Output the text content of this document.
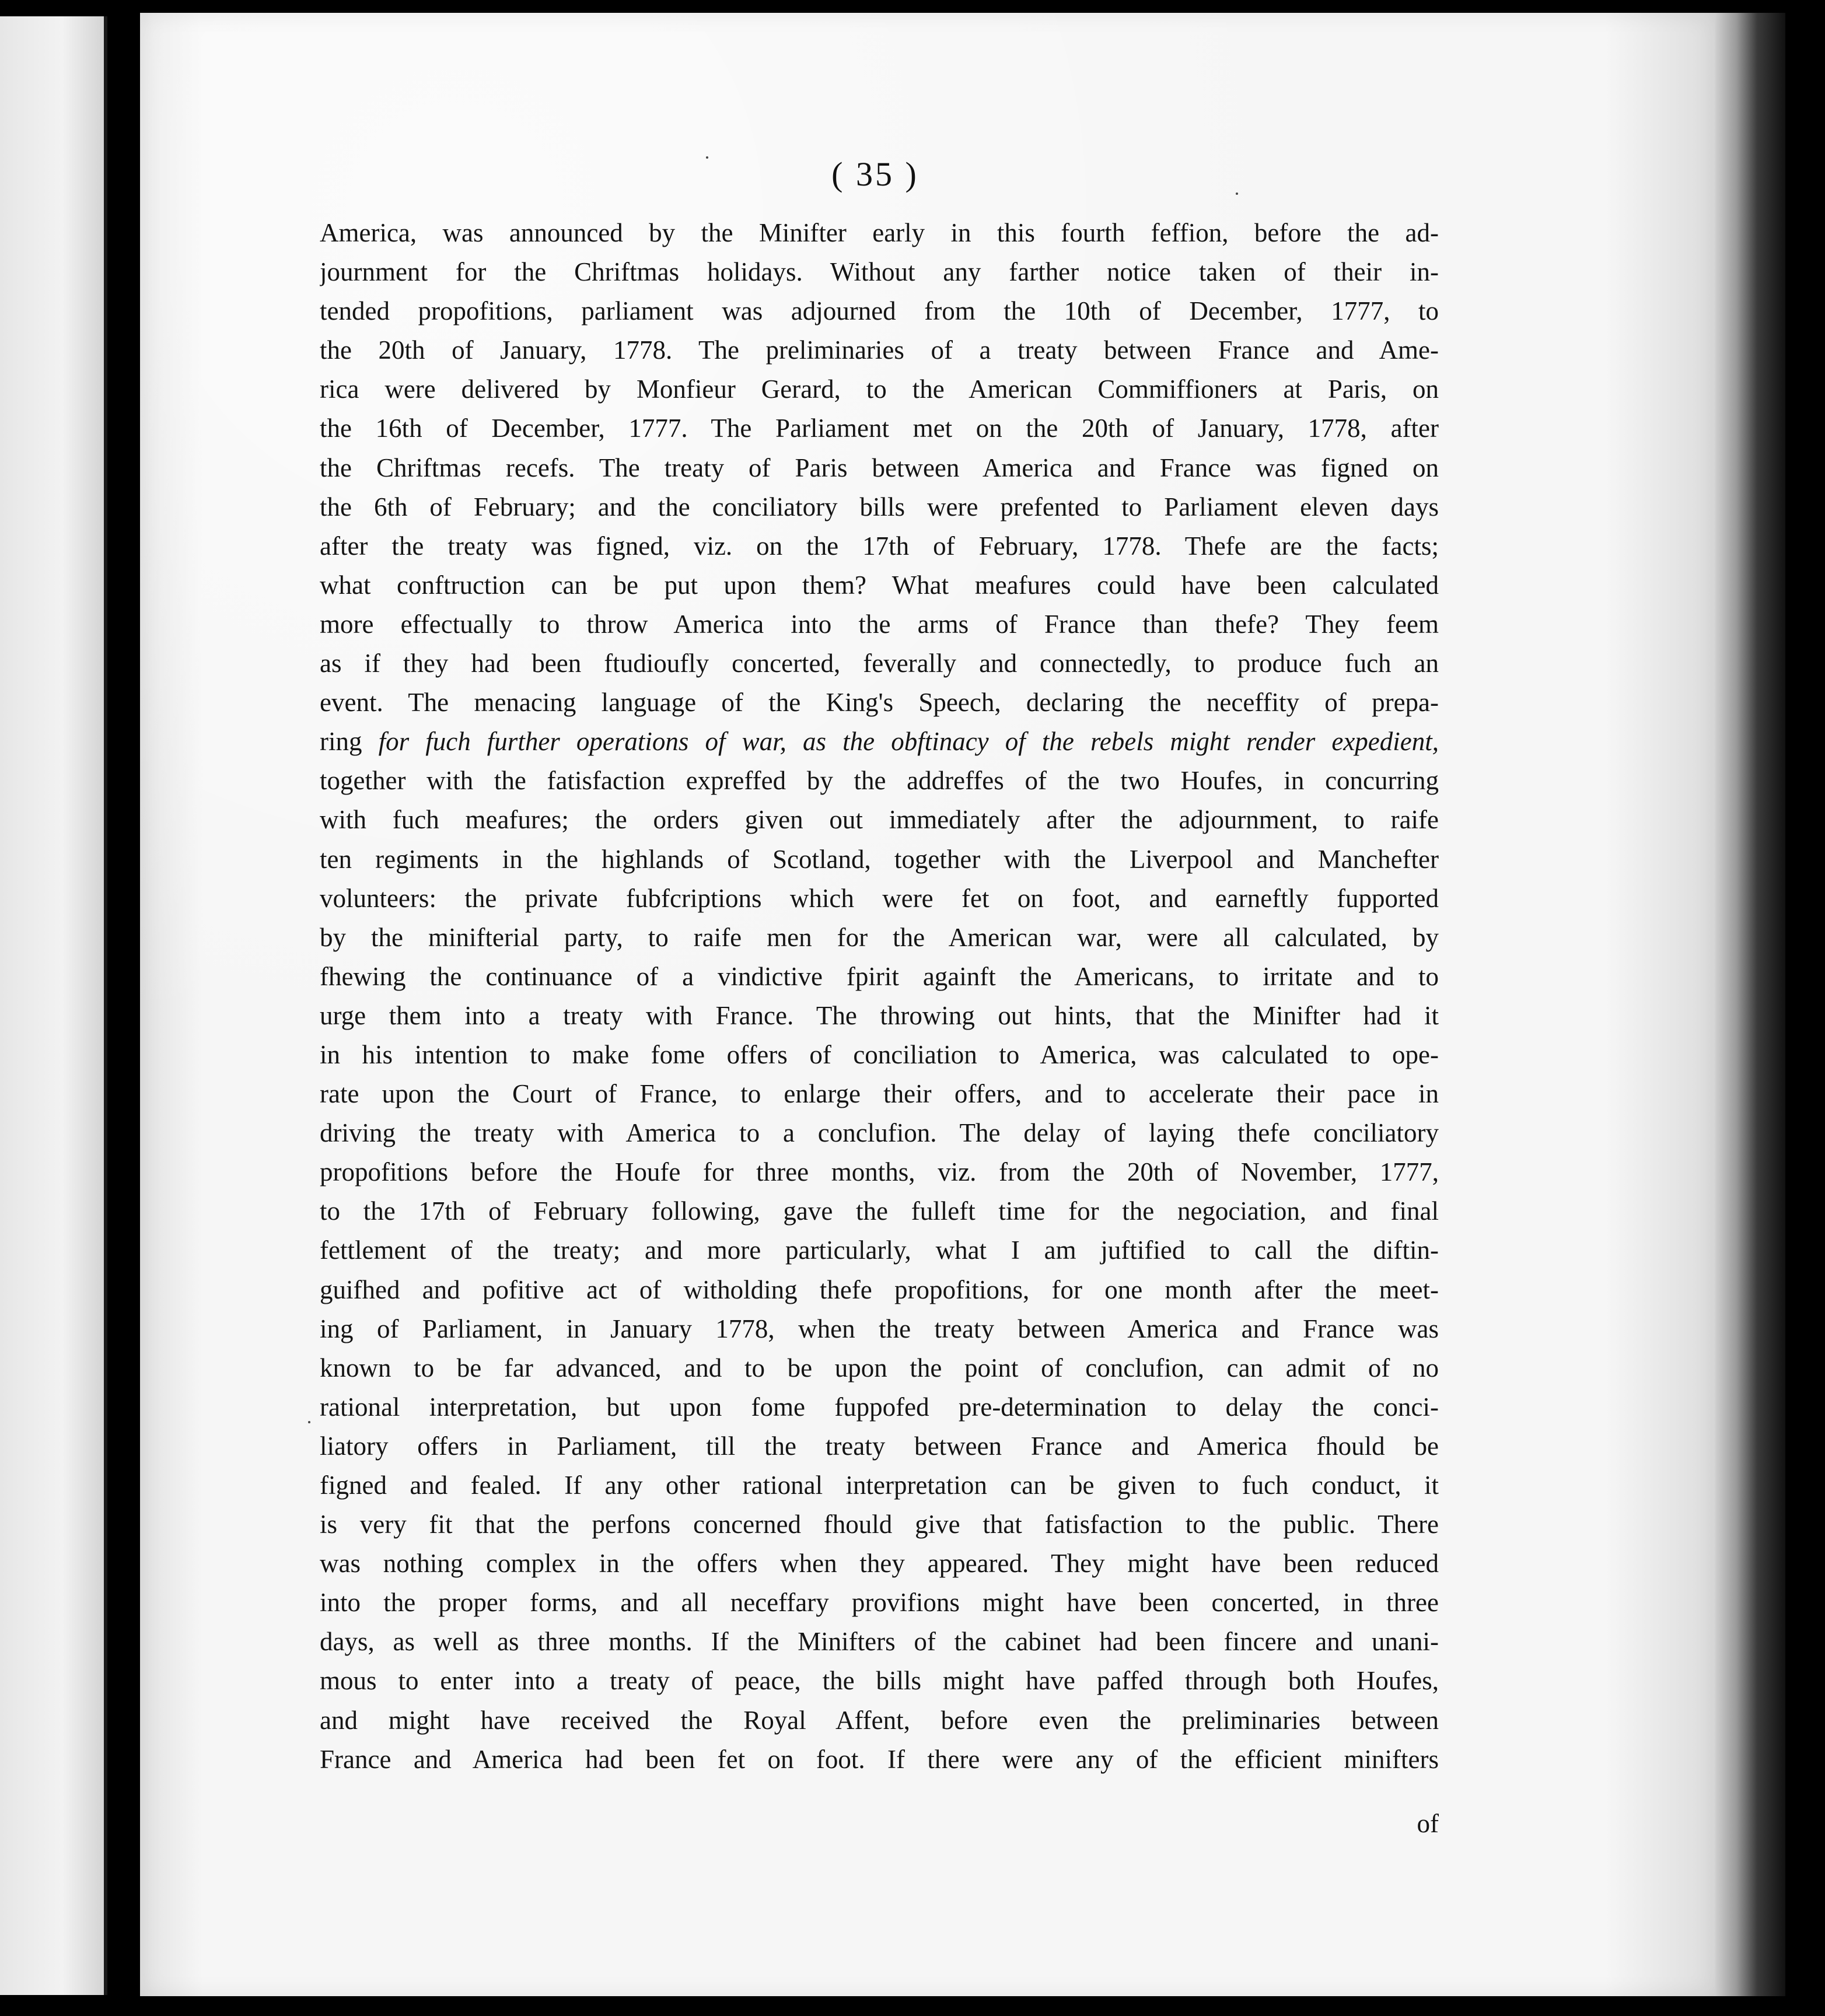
( 35 )
America, was announced by the Minifter early in this fourth feffion, before the ad-
journment for the Chriftmas holidays. Without any farther notice taken of their in-
tended propofitions, parliament was adjourned from the 10th of December, 1777, to
the 20th of January, 1778. The preliminaries of a treaty between France and Ame-
rica were delivered by Monfieur Gerard, to the American Commiffioners at Paris, on
the 16th of December, 1777. The Parliament met on the 20th of January, 1778, after
the Chriftmas recefs. The treaty of Paris between America and France was figned on
the 6th of February; and the conciliatory bills were prefented to Parliament eleven days
after the treaty was figned, viz. on the 17th of February, 1778. Thefe are the facts;
what conftruction can be put upon them? What meafures could have been calculated
more effectually to throw America into the arms of France than thefe? They feem
as if they had been ftudioufly concerted, feverally and connectedly, to produce fuch an
event. The menacing language of the King's Speech, declaring the neceffity of prepa-
ring for fuch further operations of war, as the obftinacy of the rebels might render expedient,
together with the fatisfaction expreffed by the addreffes of the two Houfes, in concurring
with fuch meafures; the orders given out immediately after the adjournment, to raife
ten regiments in the highlands of Scotland, together with the Liverpool and Manchefter
volunteers: the private fubfcriptions which were fet on foot, and earneftly fupported
by the minifterial party, to raife men for the American war, were all calculated, by
fhewing the continuance of a vindictive fpirit againft the Americans, to irritate and to
urge them into a treaty with France. The throwing out hints, that the Minifter had it
in his intention to make fome offers of conciliation to America, was calculated to ope-
rate upon the Court of France, to enlarge their offers, and to accelerate their pace in
driving the treaty with America to a conclufion. The delay of laying thefe conciliatory
propofitions before the Houfe for three months, viz. from the 20th of November, 1777,
to the 17th of February following, gave the fulleft time for the negociation, and final
fettlement of the treaty; and more particularly, what I am juftified to call the diftin-
guifhed and pofitive act of witholding thefe propofitions, for one month after the meet-
ing of Parliament, in January 1778, when the treaty between America and France was
known to be far advanced, and to be upon the point of conclufion, can admit of no
rational interpretation, but upon fome fuppofed pre-determination to delay the conci-
liatory offers in Parliament, till the treaty between France and America fhould be
figned and fealed. If any other rational interpretation can be given to fuch conduct, it
is very fit that the perfons concerned fhould give that fatisfaction to the public. There
was nothing complex in the offers when they appeared. They might have been reduced
into the proper forms, and all neceffary provifions might have been concerted, in three
days, as well as three months. If the Minifters of the cabinet had been fincere and unani-
mous to enter into a treaty of peace, the bills might have paffed through both Houfes,
and might have received the Royal Affent, before even the preliminaries between
France and America had been fet on foot. If there were any of the efficient minifters
of
